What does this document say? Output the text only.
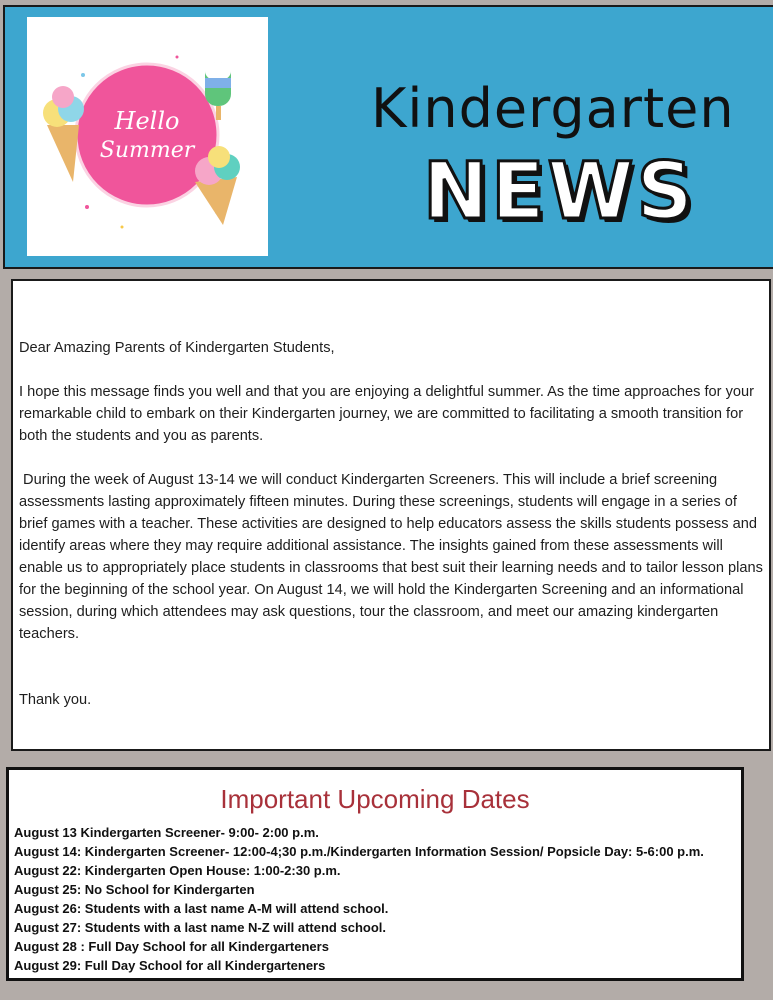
Hello
Summer
Kindergarten
NEWS

Dear Amazing Parents of Kindergarten Students,

I hope this message finds you well and that you are enjoying a delightful summer. As the time approaches for your remarkable child to embark on their Kindergarten journey, we are committed to facilitating a smooth transition for both the students and you as parents.

During the week of August 13-14 we will conduct Kindergarten Screeners. This will include a brief screening assessments lasting approximately fifteen minutes. During these screenings, students will engage in a series of brief games with a teacher. These activities are designed to help educators assess the skills students possess and identify areas where they may require additional assistance. The insights gained from these assessments will enable us to appropriately place students in classrooms that best suit their learning needs and to tailor lesson plans for the beginning of the school year. On August 14, we will hold the Kindergarten Screening and an informational session, during which attendees may ask questions, tour the classroom, and meet our amazing kindergarten teachers.

Thank you.

Important Upcoming Dates
August 13 Kindergarten Screener- 9:00- 2:00 p.m.
August 14: Kindergarten Screener- 12:00-4;30 p.m./Kindergarten Information Session/ Popsicle Day: 5-6:00 p.m.
August 22: Kindergarten Open House: 1:00-2:30 p.m.
August 25: No School for Kindergarten
August 26: Students with a last name A-M will attend school.
August 27: Students with a last name N-Z will attend school.
August 28 : Full Day School for all Kindergarteners
August 29: Full Day School for all Kindergarteners
